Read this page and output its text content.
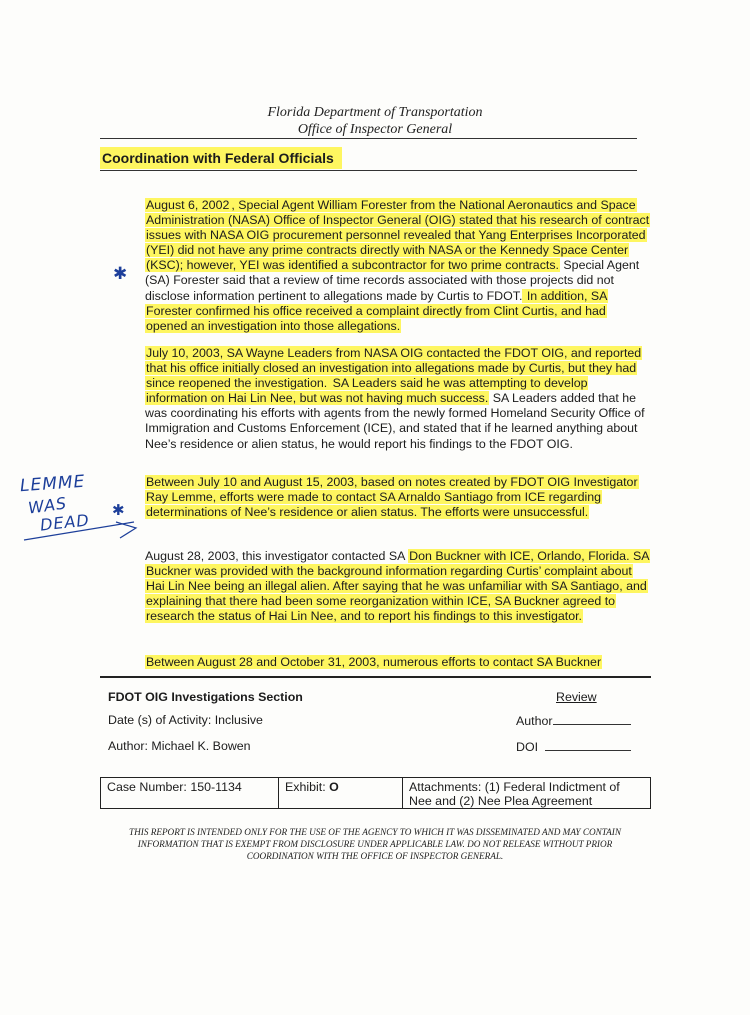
Florida Department of Transportation
Office of Inspector General
Coordination with Federal Officials
August 6, 2002 , Special Agent William Forester from the National Aeronautics and Space Administration (NASA) Office of Inspector General (OIG) stated that his research of contract issues with NASA OIG procurement personnel revealed that Yang Enterprises Incorporated (YEI) did not have any prime contracts directly with NASA or the Kennedy Space Center (KSC); however, YEI was identified a subcontractor for two prime contracts. Special Agent (SA) Forester said that a review of time records associated with those projects did not disclose information pertinent to allegations made by Curtis to FDOT. In addition, SA Forester confirmed his office received a complaint directly from Clint Curtis, and had opened an investigation into those allegations.
July 10, 2003, SA Wayne Leaders from NASA OIG contacted the FDOT OIG, and reported that his office initially closed an investigation into allegations made by Curtis, but they had since reopened the investigation. SA Leaders said he was attempting to develop information on Hai Lin Nee, but was not having much success. SA Leaders added that he was coordinating his efforts with agents from the newly formed Homeland Security Office of Immigration and Customs Enforcement (ICE), and stated that if he learned anything about Nee’s residence or alien status, he would report his findings to the FDOT OIG.
Between July 10 and August 15, 2003, based on notes created by FDOT OIG Investigator Ray Lemme, efforts were made to contact SA Arnaldo Santiago from ICE regarding determinations of Nee’s residence or alien status. The efforts were unsuccessful.
August 28, 2003, this investigator contacted SA Don Buckner with ICE, Orlando, Florida. SA Buckner was provided with the background information regarding Curtis’ complaint about Hai Lin Nee being an illegal alien. After saying that he was unfamiliar with SA Santiago, and explaining that there had been some reorganization within ICE, SA Buckner agreed to research the status of Hai Lin Nee, and to report his findings to this investigator.
Between August 28 and October 31, 2003, numerous efforts to contact SA Buckner
✱
LEMME
WAS
DEAD
✱
FDOT OIG Investigations Section
Date (s) of Activity: Inclusive
Author: Michael K. Bowen
Review
Author
DOI
Case Number: 150-1134	Exhibit: O	Attachments: (1) Federal Indictment of Nee and (2) Nee Plea Agreement
THIS REPORT IS INTENDED ONLY FOR THE USE OF THE AGENCY TO WHICH IT WAS DISSEMINATED AND MAY CONTAIN INFORMATION THAT IS EXEMPT FROM DISCLOSURE UNDER APPLICABLE LAW. DO NOT RELEASE WITHOUT PRIOR COORDINATION WITH THE OFFICE OF INSPECTOR GENERAL.
